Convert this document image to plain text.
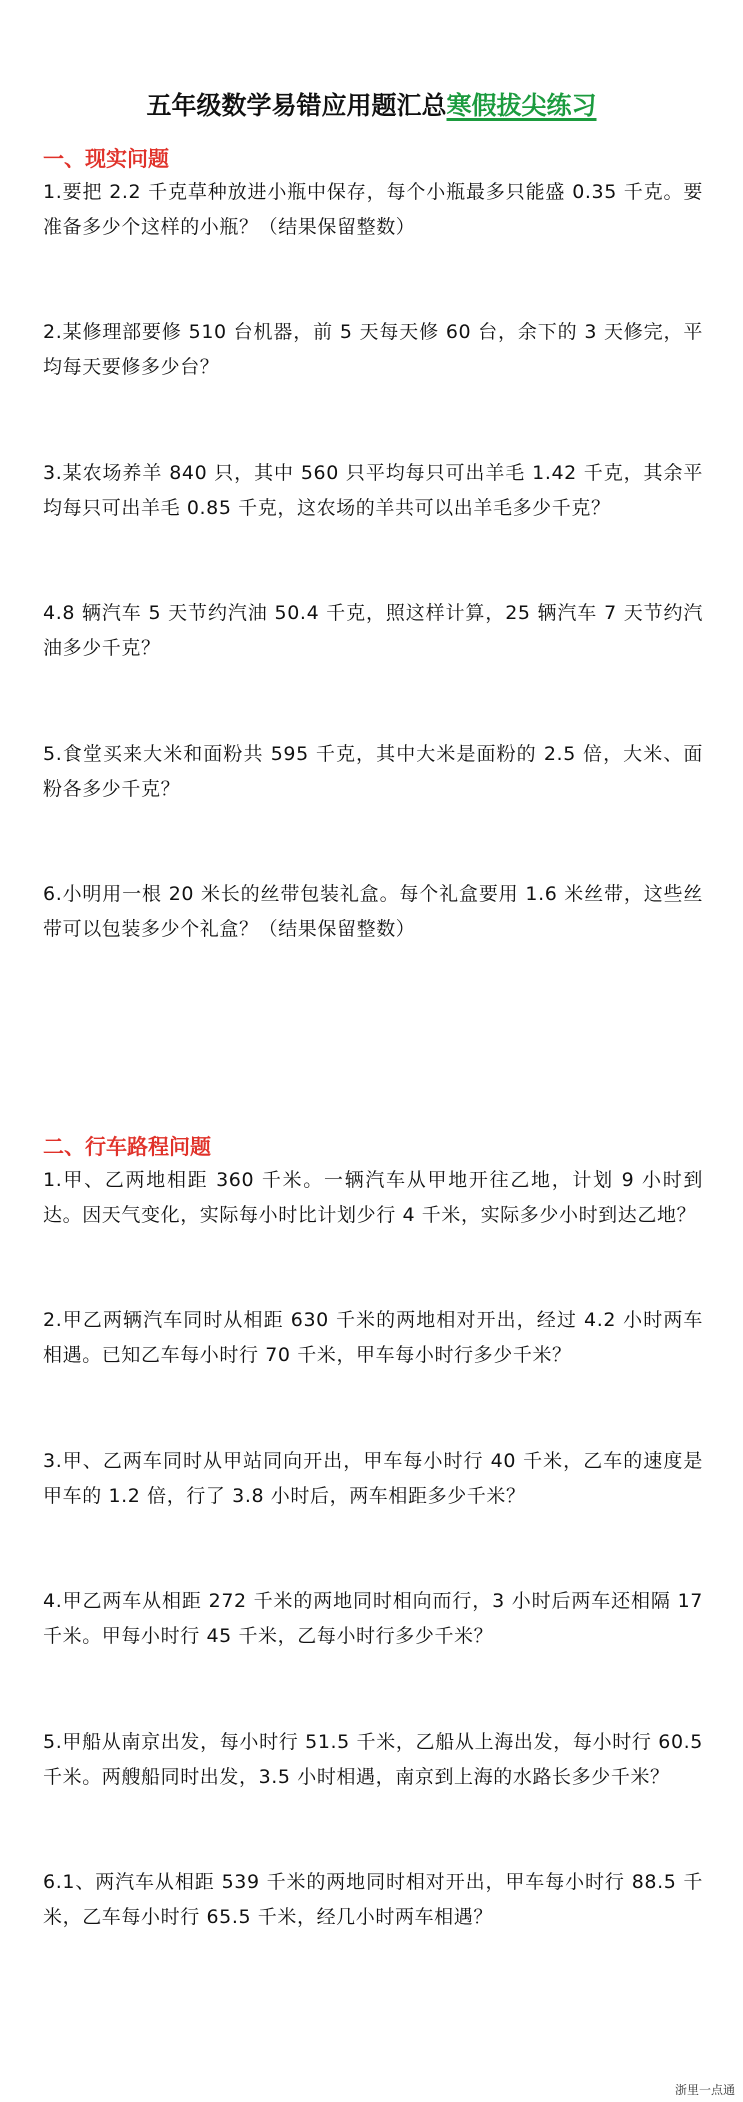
五年级数学易错应用题汇总寒假拔尖练习
一、现实问题
1.要把 2.2 千克草种放进小瓶中保存，每个小瓶最多只能盛 0.35 千克。要准备多少个这样的小瓶？（结果保留整数）
2.某修理部要修 510 台机器，前 5 天每天修 60 台，余下的 3 天修完，平均每天要修多少台？
3.某农场养羊 840 只，其中 560 只平均每只可出羊毛 1.42 千克，其余平均每只可出羊毛 0.85 千克，这农场的羊共可以出羊毛多少千克？
4.8 辆汽车 5 天节约汽油 50.4 千克，照这样计算，25 辆汽车 7 天节约汽油多少千克？
5.食堂买来大米和面粉共 595 千克，其中大米是面粉的 2.5 倍，大米、面粉各多少千克？
6.小明用一根 20 米长的丝带包装礼盒。每个礼盒要用 1.6 米丝带，这些丝带可以包装多少个礼盒？（结果保留整数）
二、行车路程问题
1.甲、乙两地相距 360 千米。一辆汽车从甲地开往乙地，计划 9 小时到达。因天气变化，实际每小时比计划少行 4 千米，实际多少小时到达乙地？
2.甲乙两辆汽车同时从相距 630 千米的两地相对开出，经过 4.2 小时两车相遇。已知乙车每小时行 70 千米，甲车每小时行多少千米？
3.甲、乙两车同时从甲站同向开出，甲车每小时行 40 千米，乙车的速度是甲车的 1.2 倍，行了 3.8 小时后，两车相距多少千米？
4.甲乙两车从相距 272 千米的两地同时相向而行，3 小时后两车还相隔 17 千米。甲每小时行 45 千米，乙每小时行多少千米？
5.甲船从南京出发，每小时行 51.5 千米，乙船从上海出发，每小时行 60.5 千米。两艘船同时出发，3.5 小时相遇，南京到上海的水路长多少千米？
6.1、两汽车从相距 539 千米的两地同时相对开出，甲车每小时行 88.5 千米，乙车每小时行 65.5 千米，经几小时两车相遇？
浙里一点通
